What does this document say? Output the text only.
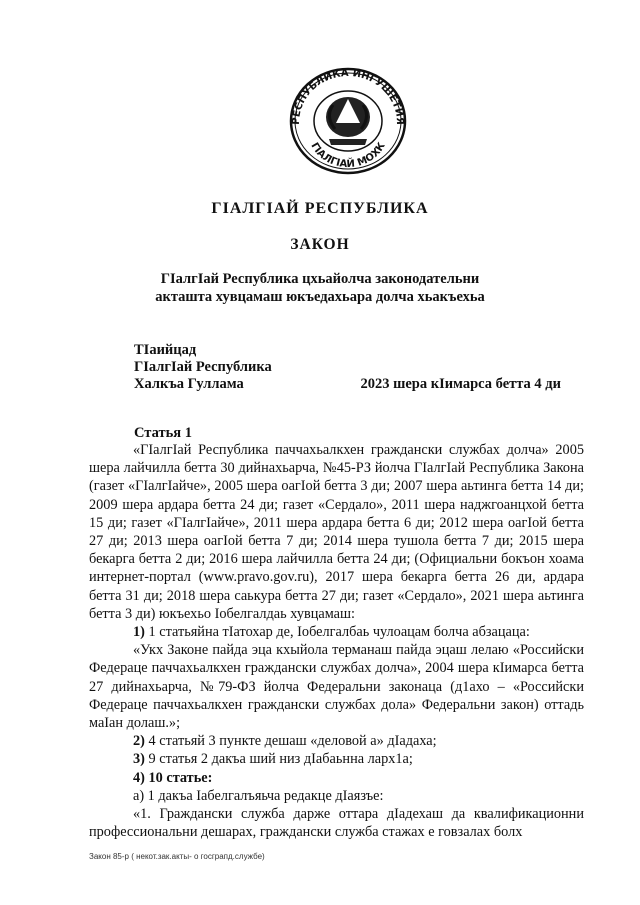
РЕСПУБЛИКА ИНГУШЕТИЯ
ГІАЛГІАЙ МОХК
ГІАЛГІАЙ РЕСПУБЛИКА
ЗАКОН
ГІалгІай Республика цхьайолча законодательни
акташта хувцамаш юкъедахьара долча хьакъехьа
ТІаийцад
ГІалгІай Республика
Халкъа Гуллама	2023 шера кІимарса бетта 4 ди
Статья 1

«ГІалгІай Республика паччахьалкхен граждански службах долча» 2005 шера лайчилла бетта 30 дийнахьарча, №45-РЗ йолча ГІалгІай Республика Закона (газет «ГІалгІайче», 2005 шера оагІой бетта 3 ди; 2007 шера аьтинга бетта 14 ди; 2009 шера ардара бетта 24 ди; газет «Сердало», 2011 шера наджгоанцхой бетта 15 ди; газет «ГІалгІайче», 2011 шера ардара бетта 6 ди; 2012 шера оагІой бетта 27 ди; 2013 шера оагІой бетта 7 ди; 2014 шера тушола бетта 7 ди; 2015 шера бекарга бетта 2 ди; 2016 шера лайчилла бетта 24 ди; (Официальни бокъон хоама интернет-портал (www.pravo.gov.ru), 2017 шера бекарга бетта 26 ди, ардара бетта 31 ди; 2018 шера саькура бетта 27 ди; газет «Сердало», 2021 шера аьтинга бетта 3 ди) юкъехьо Іобелгалдаь хувцамаш:

1) 1 статьяйна тІатохар де, Іобелгалбаь чулоацам болча абзацаца:

«Укх Законе пайда эца кхыйола терманаш пайда эцаш лелаю «Российски Федераце паччахьалкхен граждански службах долча», 2004 шера кІимарса бетта 27 дийнахьарча, №79-ФЗ йолча Федеральни законаца (д1ахо – «Российски Федераце паччахьалкхен граждански службах дола» Федеральни закон) оттадь маІан долаш.»;

2) 4 статьяй 3 пункте дешаш «деловой а» дІадаха;

3) 9 статья 2 дакъа ший низ дІабаьнна ларх1а;

4) 10 статье:

а) 1 дакъа Іабелгалъяьча редакце дІаязъе:

«1. Граждански служба дарже оттара дІадехаш да квалификационни профессиональни дешарах, граждански служба стажах е говзалах болх

Закон 85-р ( некот.зак.акты- о госграпд.службе)
